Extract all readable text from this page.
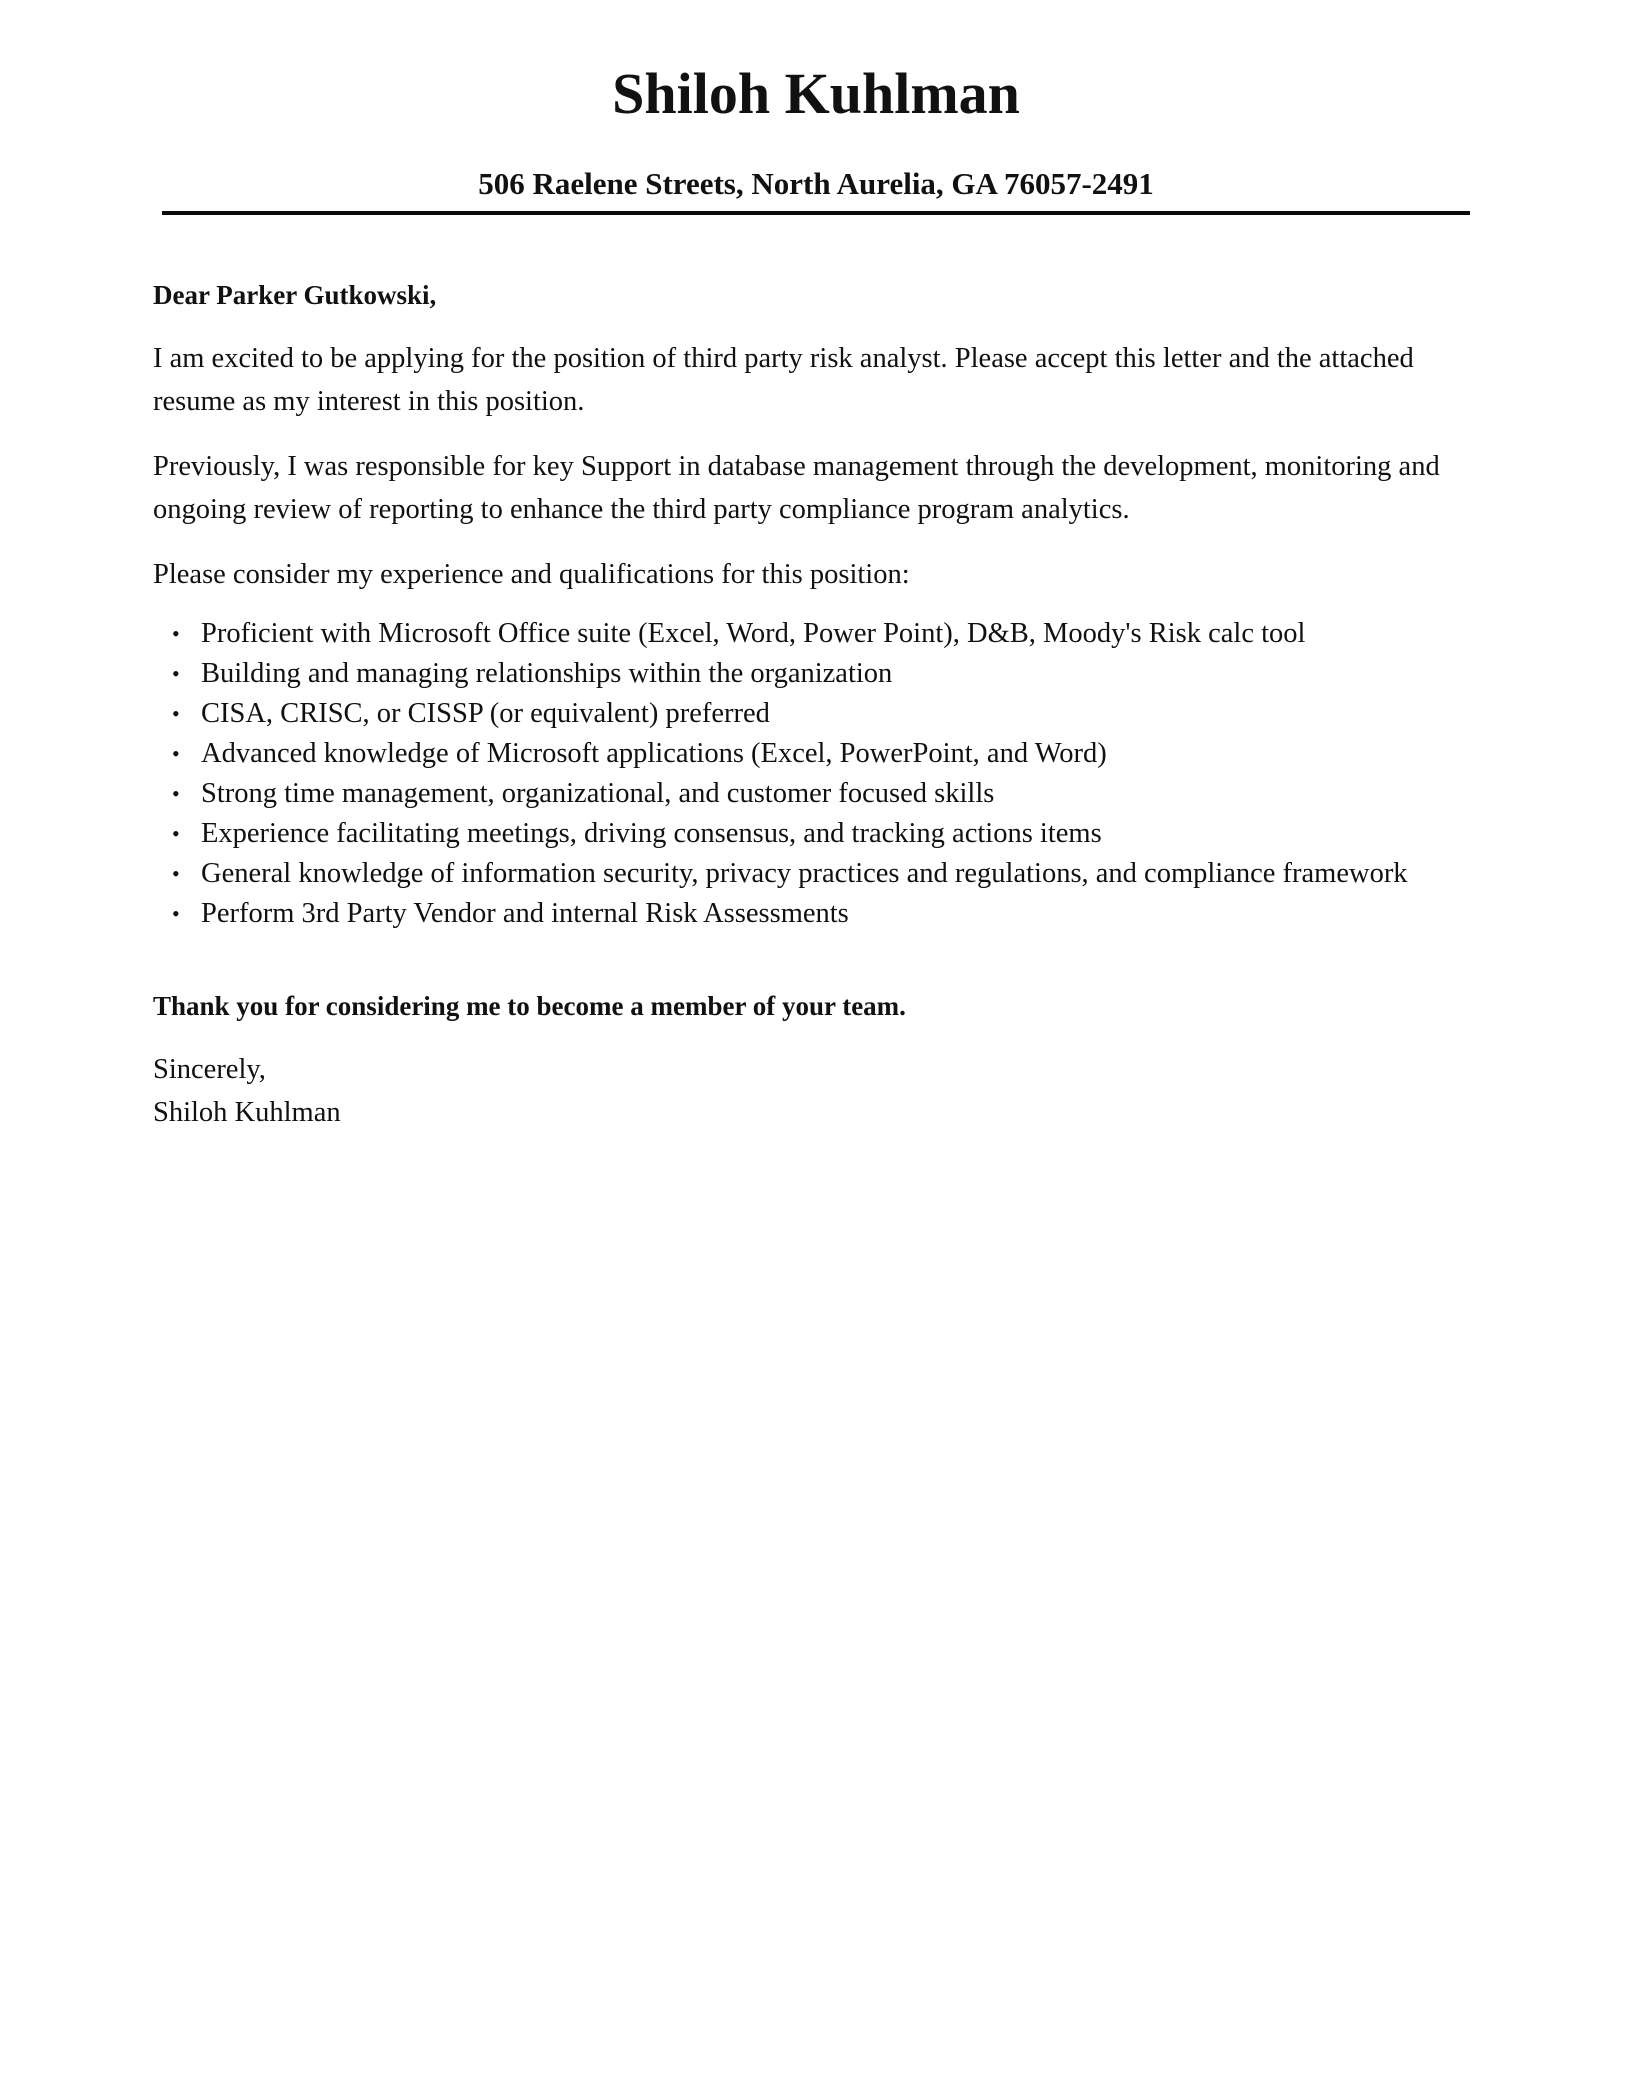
Shiloh Kuhlman
506 Raelene Streets, North Aurelia, GA 76057-2491

Dear Parker Gutkowski,

I am excited to be applying for the position of third party risk analyst. Please accept this letter and the attached resume as my interest in this position.

Previously, I was responsible for key Support in database management through the development, monitoring and ongoing review of reporting to enhance the third party compliance program analytics.

Please consider my experience and qualifications for this position:

• Proficient with Microsoft Office suite (Excel, Word, Power Point), D&B, Moody's Risk calc tool
• Building and managing relationships within the organization
• CISA, CRISC, or CISSP (or equivalent) preferred
• Advanced knowledge of Microsoft applications (Excel, PowerPoint, and Word)
• Strong time management, organizational, and customer focused skills
• Experience facilitating meetings, driving consensus, and tracking actions items
• General knowledge of information security, privacy practices and regulations, and compliance framework
• Perform 3rd Party Vendor and internal Risk Assessments

Thank you for considering me to become a member of your team.

Sincerely,
Shiloh Kuhlman
